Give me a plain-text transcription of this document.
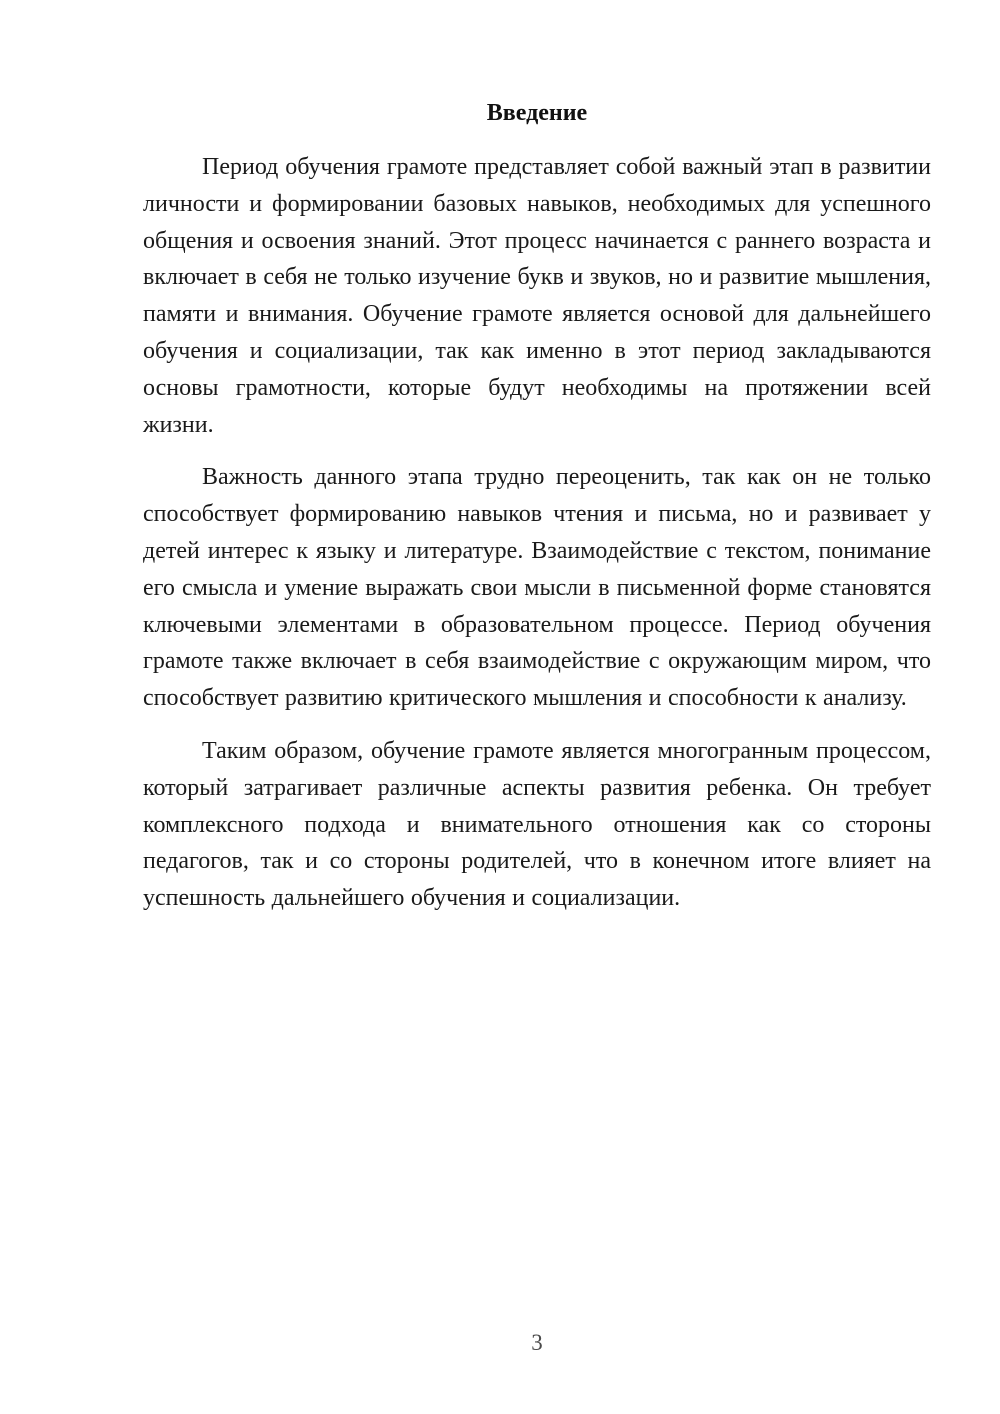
Введение

Период обучения грамоте представляет собой важный этап в развитии личности и формировании базовых навыков, необходимых для успешного общения и освоения знаний. Этот процесс начинается с раннего возраста и включает в себя не только изучение букв и звуков, но и развитие мышления, памяти и внимания. Обучение грамоте является основой для дальнейшего обучения и социализации, так как именно в этот период закладываются основы грамотности, которые будут необходимы на протяжении всей жизни.

Важность данного этапа трудно переоценить, так как он не только способствует формированию навыков чтения и письма, но и развивает у детей интерес к языку и литературе. Взаимодействие с текстом, понимание его смысла и умение выражать свои мысли в письменной форме становятся ключевыми элементами в образовательном процессе. Период обучения грамоте также включает в себя взаимодействие с окружающим миром, что способствует развитию критического мышления и способности к анализу.

Таким образом, обучение грамоте является многогранным процессом, который затрагивает различные аспекты развития ребенка. Он требует комплексного подхода и внимательного отношения как со стороны педагогов, так и со стороны родителей, что в конечном итоге влияет на успешность дальнейшего обучения и социализации.

3
